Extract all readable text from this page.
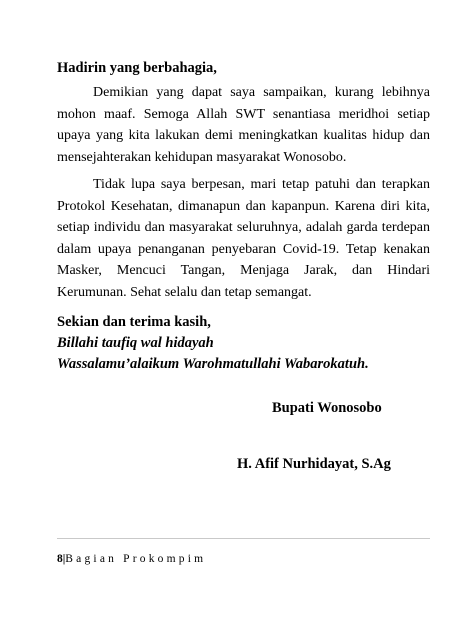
Hadirin yang berbahagia,

Demikian yang dapat saya sampaikan, kurang lebihnya mohon maaf. Semoga Allah SWT senantiasa meridhoi setiap upaya yang kita lakukan demi meningkatkan kualitas hidup dan mensejahterakan kehidupan masyarakat Wonosobo.

Tidak lupa saya berpesan, mari tetap patuhi dan terapkan Protokol Kesehatan, dimanapun dan kapanpun. Karena diri kita, setiap individu dan masyarakat seluruhnya, adalah garda terdepan dalam upaya penanganan penyebaran Covid-19. Tetap kenakan Masker, Mencuci Tangan, Menjaga Jarak, dan Hindari Kerumunan. Sehat selalu dan tetap semangat.

Sekian dan terima kasih,
Billahi taufiq wal hidayah
Wassalamu’alaikum Warohmatullahi Wabarokatuh.
Bupati Wonosobo
H. Afif Nurhidayat, S.Ag
8|Bagian Prokompim
